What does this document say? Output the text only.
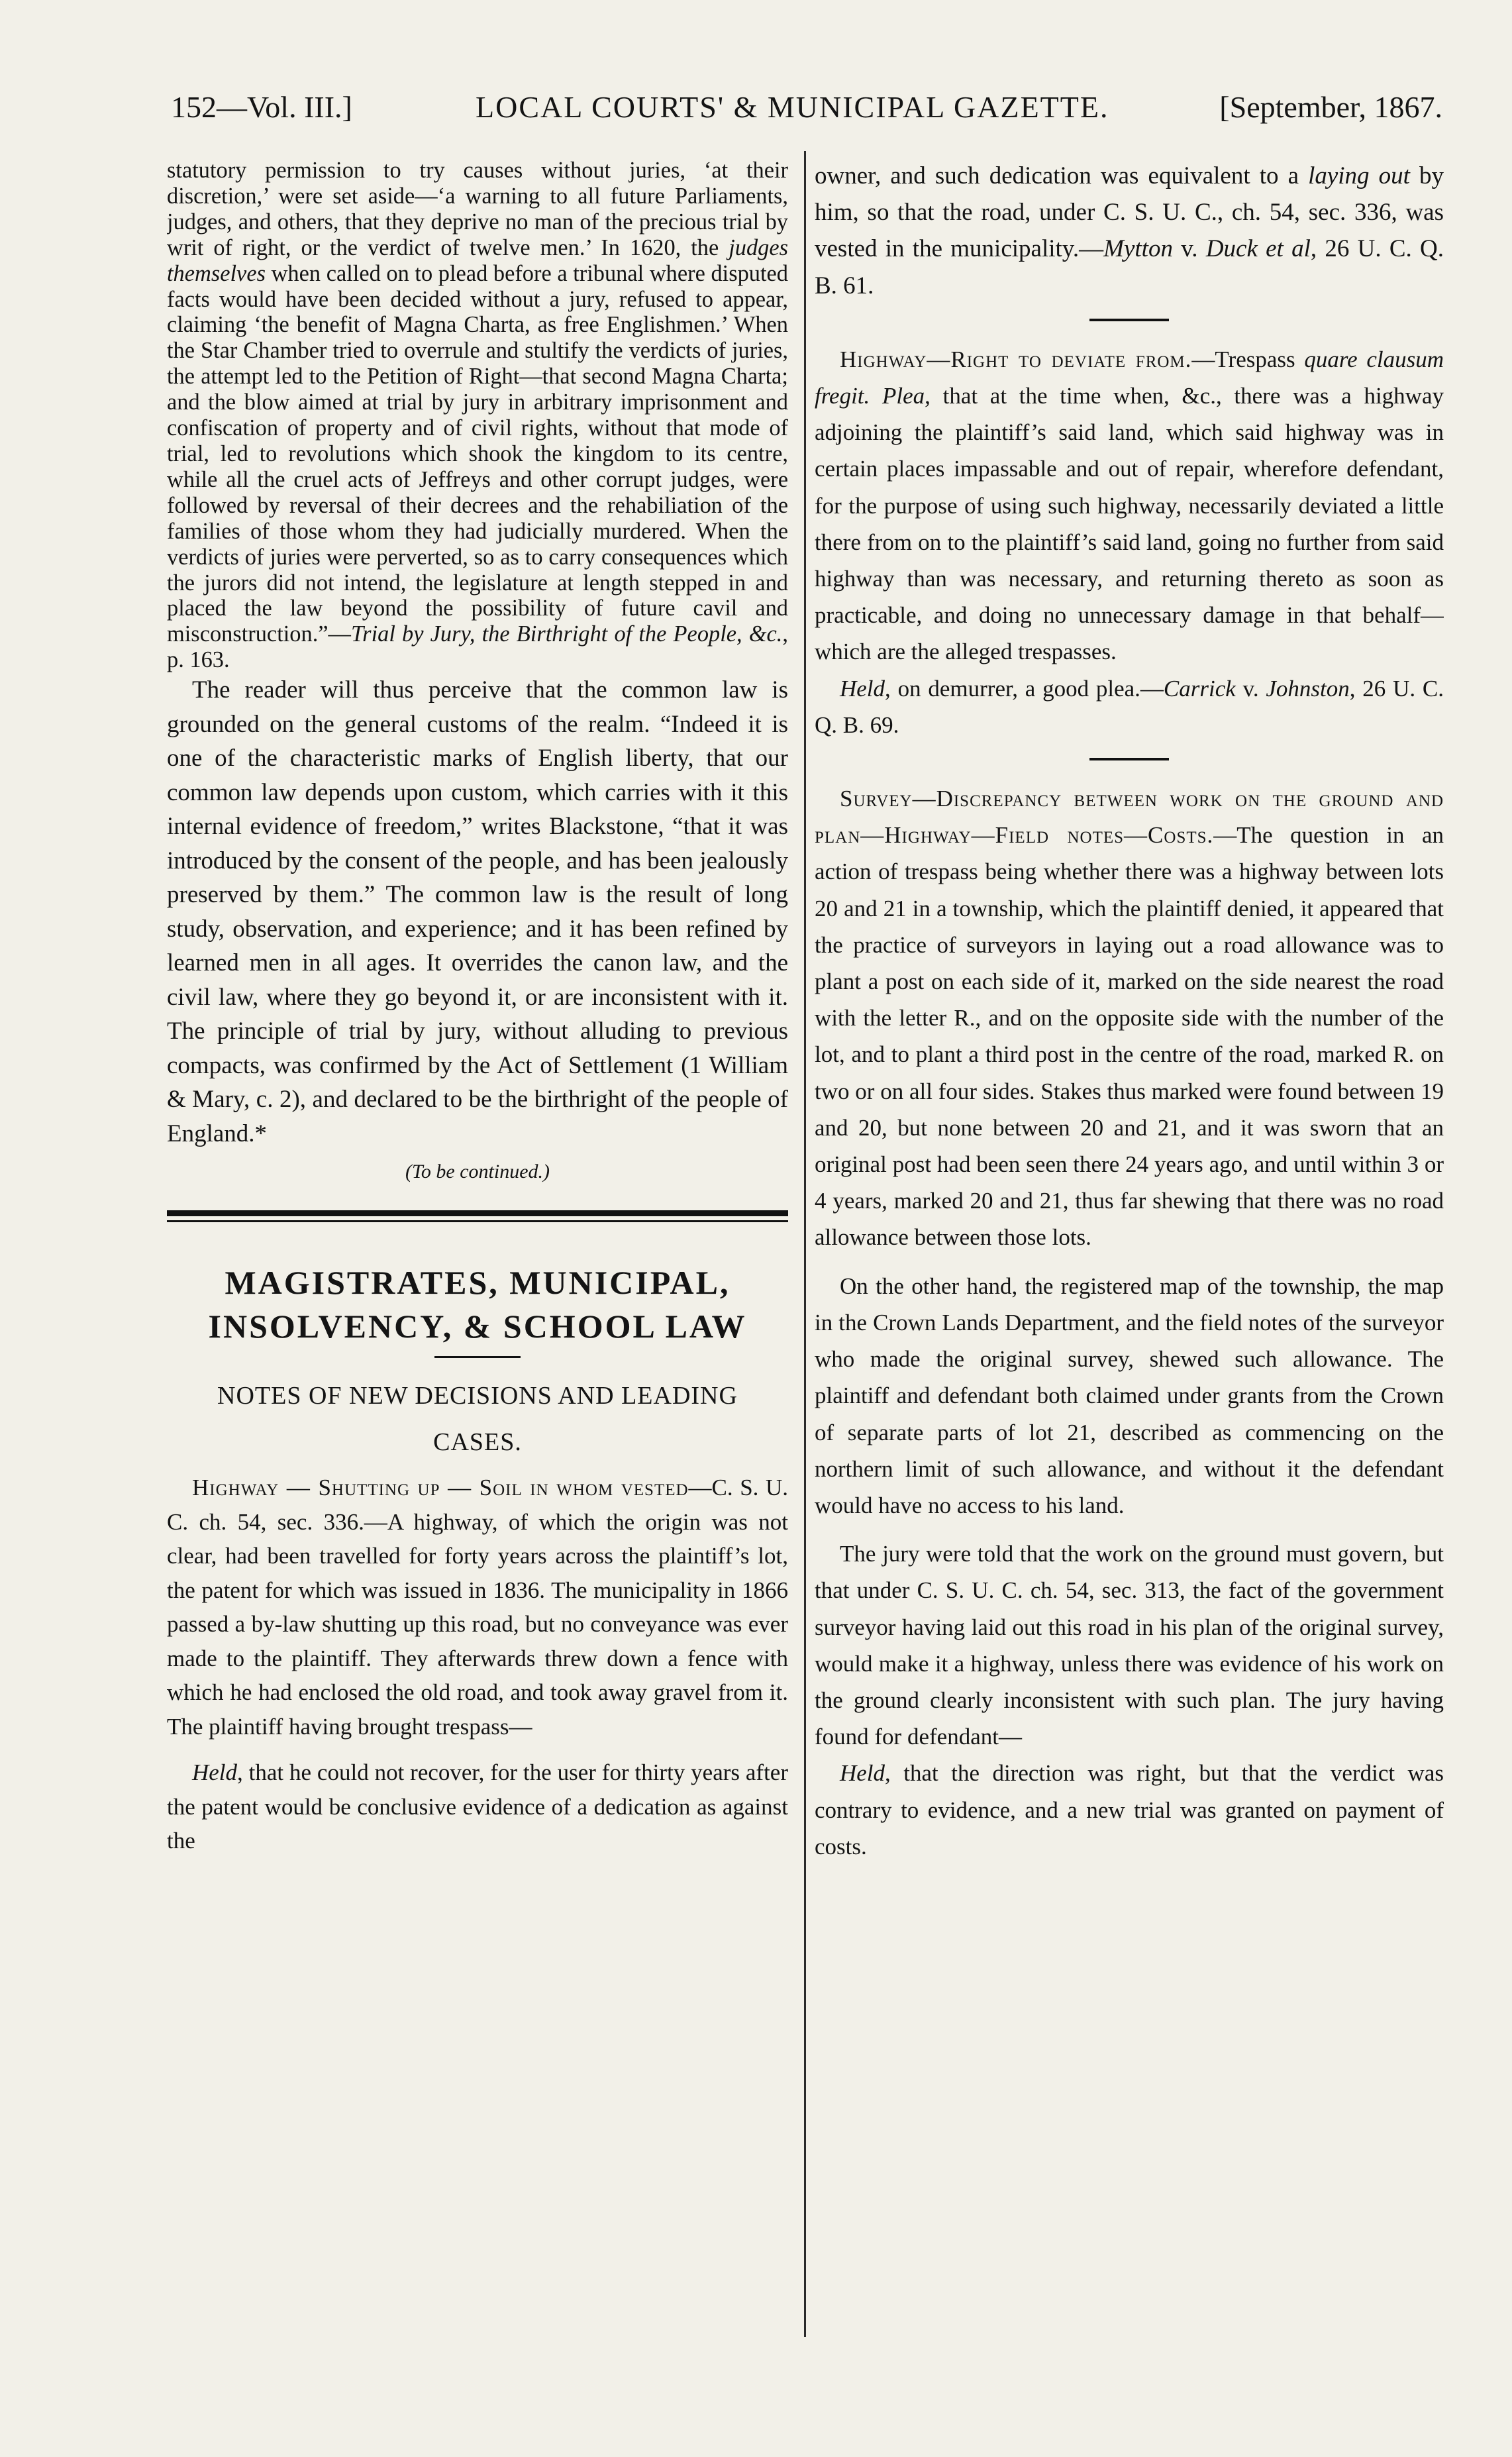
152—Vol. III.]	LOCAL COURTS' & MUNICIPAL GAZETTE.	[September, 1867.

statutory permission to try causes without juries, ‘at their discretion,’ were set aside—‘a warning to all future Parliaments, judges, and others, that they deprive no man of the precious trial by writ of right, or the verdict of twelve men.’ In 1620, the judges themselves when called on to plead before a tribunal where disputed facts would have been decided without a jury, refused to appear, claiming ‘the benefit of Magna Charta, as free Englishmen.’ When the Star Chamber tried to overrule and stultify the verdicts of juries, the attempt led to the Petition of Right—that second Magna Charta; and the blow aimed at trial by jury in arbitrary imprisonment and confiscation of property and of civil rights, without that mode of trial, led to revolutions which shook the kingdom to its centre, while all the cruel acts of Jeffreys and other corrupt judges, were followed by reversal of their decrees and the rehabiliation of the families of those whom they had judicially murdered. When the verdicts of juries were perverted, so as to carry consequences which the jurors did not intend, the legislature at length stepped in and placed the law beyond the possibility of future cavil and misconstruction.”—Trial by Jury, the Birthright of the People, &c., p. 163.

The reader will thus perceive that the common law is grounded on the general customs of the realm. “Indeed it is one of the characteristic marks of English liberty, that our common law depends upon custom, which carries with it this internal evidence of freedom,” writes Blackstone, “that it was introduced by the consent of the people, and has been jealously preserved by them.” The common law is the result of long study, observation, and experience; and it has been refined by learned men in all ages. It overrides the canon law, and the civil law, where they go beyond it, or are inconsistent with it. The principle of trial by jury, without alluding to previous compacts, was confirmed by the Act of Settlement (1 William & Mary, c. 2), and declared to be the birthright of the people of England.*

(To be continued.)
MAGISTRATES, MUNICIPAL,
INSOLVENCY, & SCHOOL LAW
NOTES OF NEW DECISIONS AND LEADING
CASES.

Highway — Shutting up — Soil in whom vested—C. S. U. C. ch. 54, sec. 336.—A highway, of which the origin was not clear, had been travelled for forty years across the plaintiff’s lot, the patent for which was issued in 1836. The municipality in 1866 passed a by-law shutting up this road, but no conveyance was ever made to the plaintiff. They afterwards threw down a fence with which he had enclosed the old road, and took away gravel from it. The plaintiff having brought trespass—

Held, that he could not recover, for the user for thirty years after the patent would be conclusive evidence of a dedication as against the

owner, and such dedication was equivalent to a laying out by him, so that the road, under C. S. U. C., ch. 54, sec. 336, was vested in the municipality.—Mytton v. Duck et al, 26 U. C. Q. B. 61.

Highway—Right to deviate from.—Trespass quare clausum fregit. Plea, that at the time when, &c., there was a highway adjoining the plaintiff’s said land, which said highway was in certain places impassable and out of repair, wherefore defendant, for the purpose of using such highway, necessarily deviated a little there from on to the plaintiff’s said land, going no further from said highway than was necessary, and returning thereto as soon as practicable, and doing no unnecessary damage in that behalf—which are the alleged trespasses.

Held, on demurrer, a good plea.—Carrick v. Johnston, 26 U. C. Q. B. 69.

Survey—Discrepancy between work on the ground and plan—Highway—Field notes—Costs.—The question in an action of trespass being whether there was a highway between lots 20 and 21 in a township, which the plaintiff denied, it appeared that the practice of surveyors in laying out a road allowance was to plant a post on each side of it, marked on the side nearest the road with the letter R., and on the opposite side with the number of the lot, and to plant a third post in the centre of the road, marked R. on two or on all four sides. Stakes thus marked were found between 19 and 20, but none between 20 and 21, and it was sworn that an original post had been seen there 24 years ago, and until within 3 or 4 years, marked 20 and 21, thus far shewing that there was no road allowance between those lots.

On the other hand, the registered map of the township, the map in the Crown Lands Department, and the field notes of the surveyor who made the original survey, shewed such allowance. The plaintiff and defendant both claimed under grants from the Crown of separate parts of lot 21, described as commencing on the northern limit of such allowance, and without it the defendant would have no access to his land.

The jury were told that the work on the ground must govern, but that under C. S. U. C. ch. 54, sec. 313, the fact of the government surveyor having laid out this road in his plan of the original survey, would make it a highway, unless there was evidence of his work on the ground clearly inconsistent with such plan. The jury having found for defendant—

Held, that the direction was right, but that the verdict was contrary to evidence, and a new trial was granted on payment of costs.
